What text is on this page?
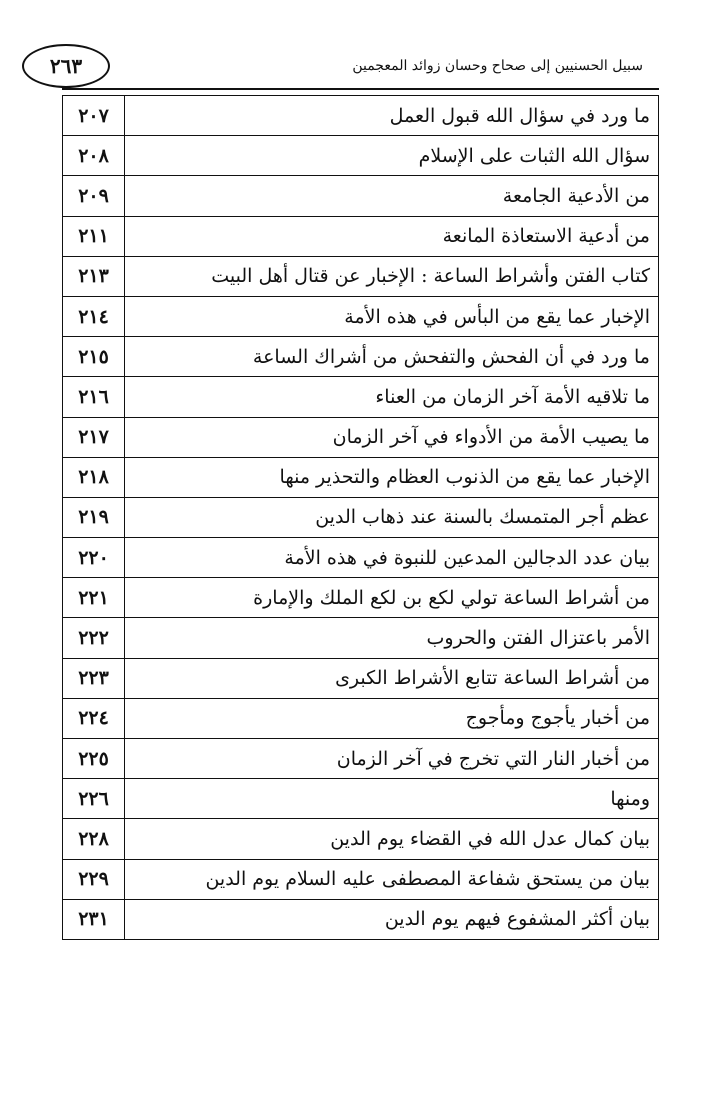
٢٦٣	سبيل الحسنيين إلى صحاح وحسان زوائد المعجمين
ما ورد في سؤال الله قبول العمل	٢٠٧
سؤال الله الثبات على الإسلام	٢٠٨
من الأدعية الجامعة	٢٠٩
من أدعية الاستعاذة المانعة	٢١١
كتاب الفتن وأشراط الساعة : الإخبار عن قتال أهل البيت	٢١٣
الإخبار عما يقع من البأس في هذه الأمة	٢١٤
ما ورد في أن الفحش والتفحش من أشراك الساعة	٢١٥
ما تلاقيه الأمة آخر الزمان من العناء	٢١٦
ما يصيب الأمة من الأدواء في آخر الزمان	٢١٧
الإخبار عما يقع من الذنوب العظام والتحذير منها	٢١٨
عظم أجر المتمسك بالسنة عند ذهاب الدين	٢١٩
بيان عدد الدجالين المدعين للنبوة في هذه الأمة	٢٢٠
من أشراط الساعة تولي لكع بن لكع الملك والإمارة	٢٢١
الأمر باعتزال الفتن والحروب	٢٢٢
من أشراط الساعة تتابع الأشراط الكبرى	٢٢٣
من أخبار يأجوج ومأجوج	٢٢٤
من أخبار النار التي تخرج في آخر الزمان	٢٢٥
ومنها	٢٢٦
بيان كمال عدل الله في القضاء يوم الدين	٢٢٨
بيان من يستحق شفاعة المصطفى عليه السلام يوم الدين	٢٢٩
بيان أكثر المشفوع فيهم يوم الدين	٢٣١
